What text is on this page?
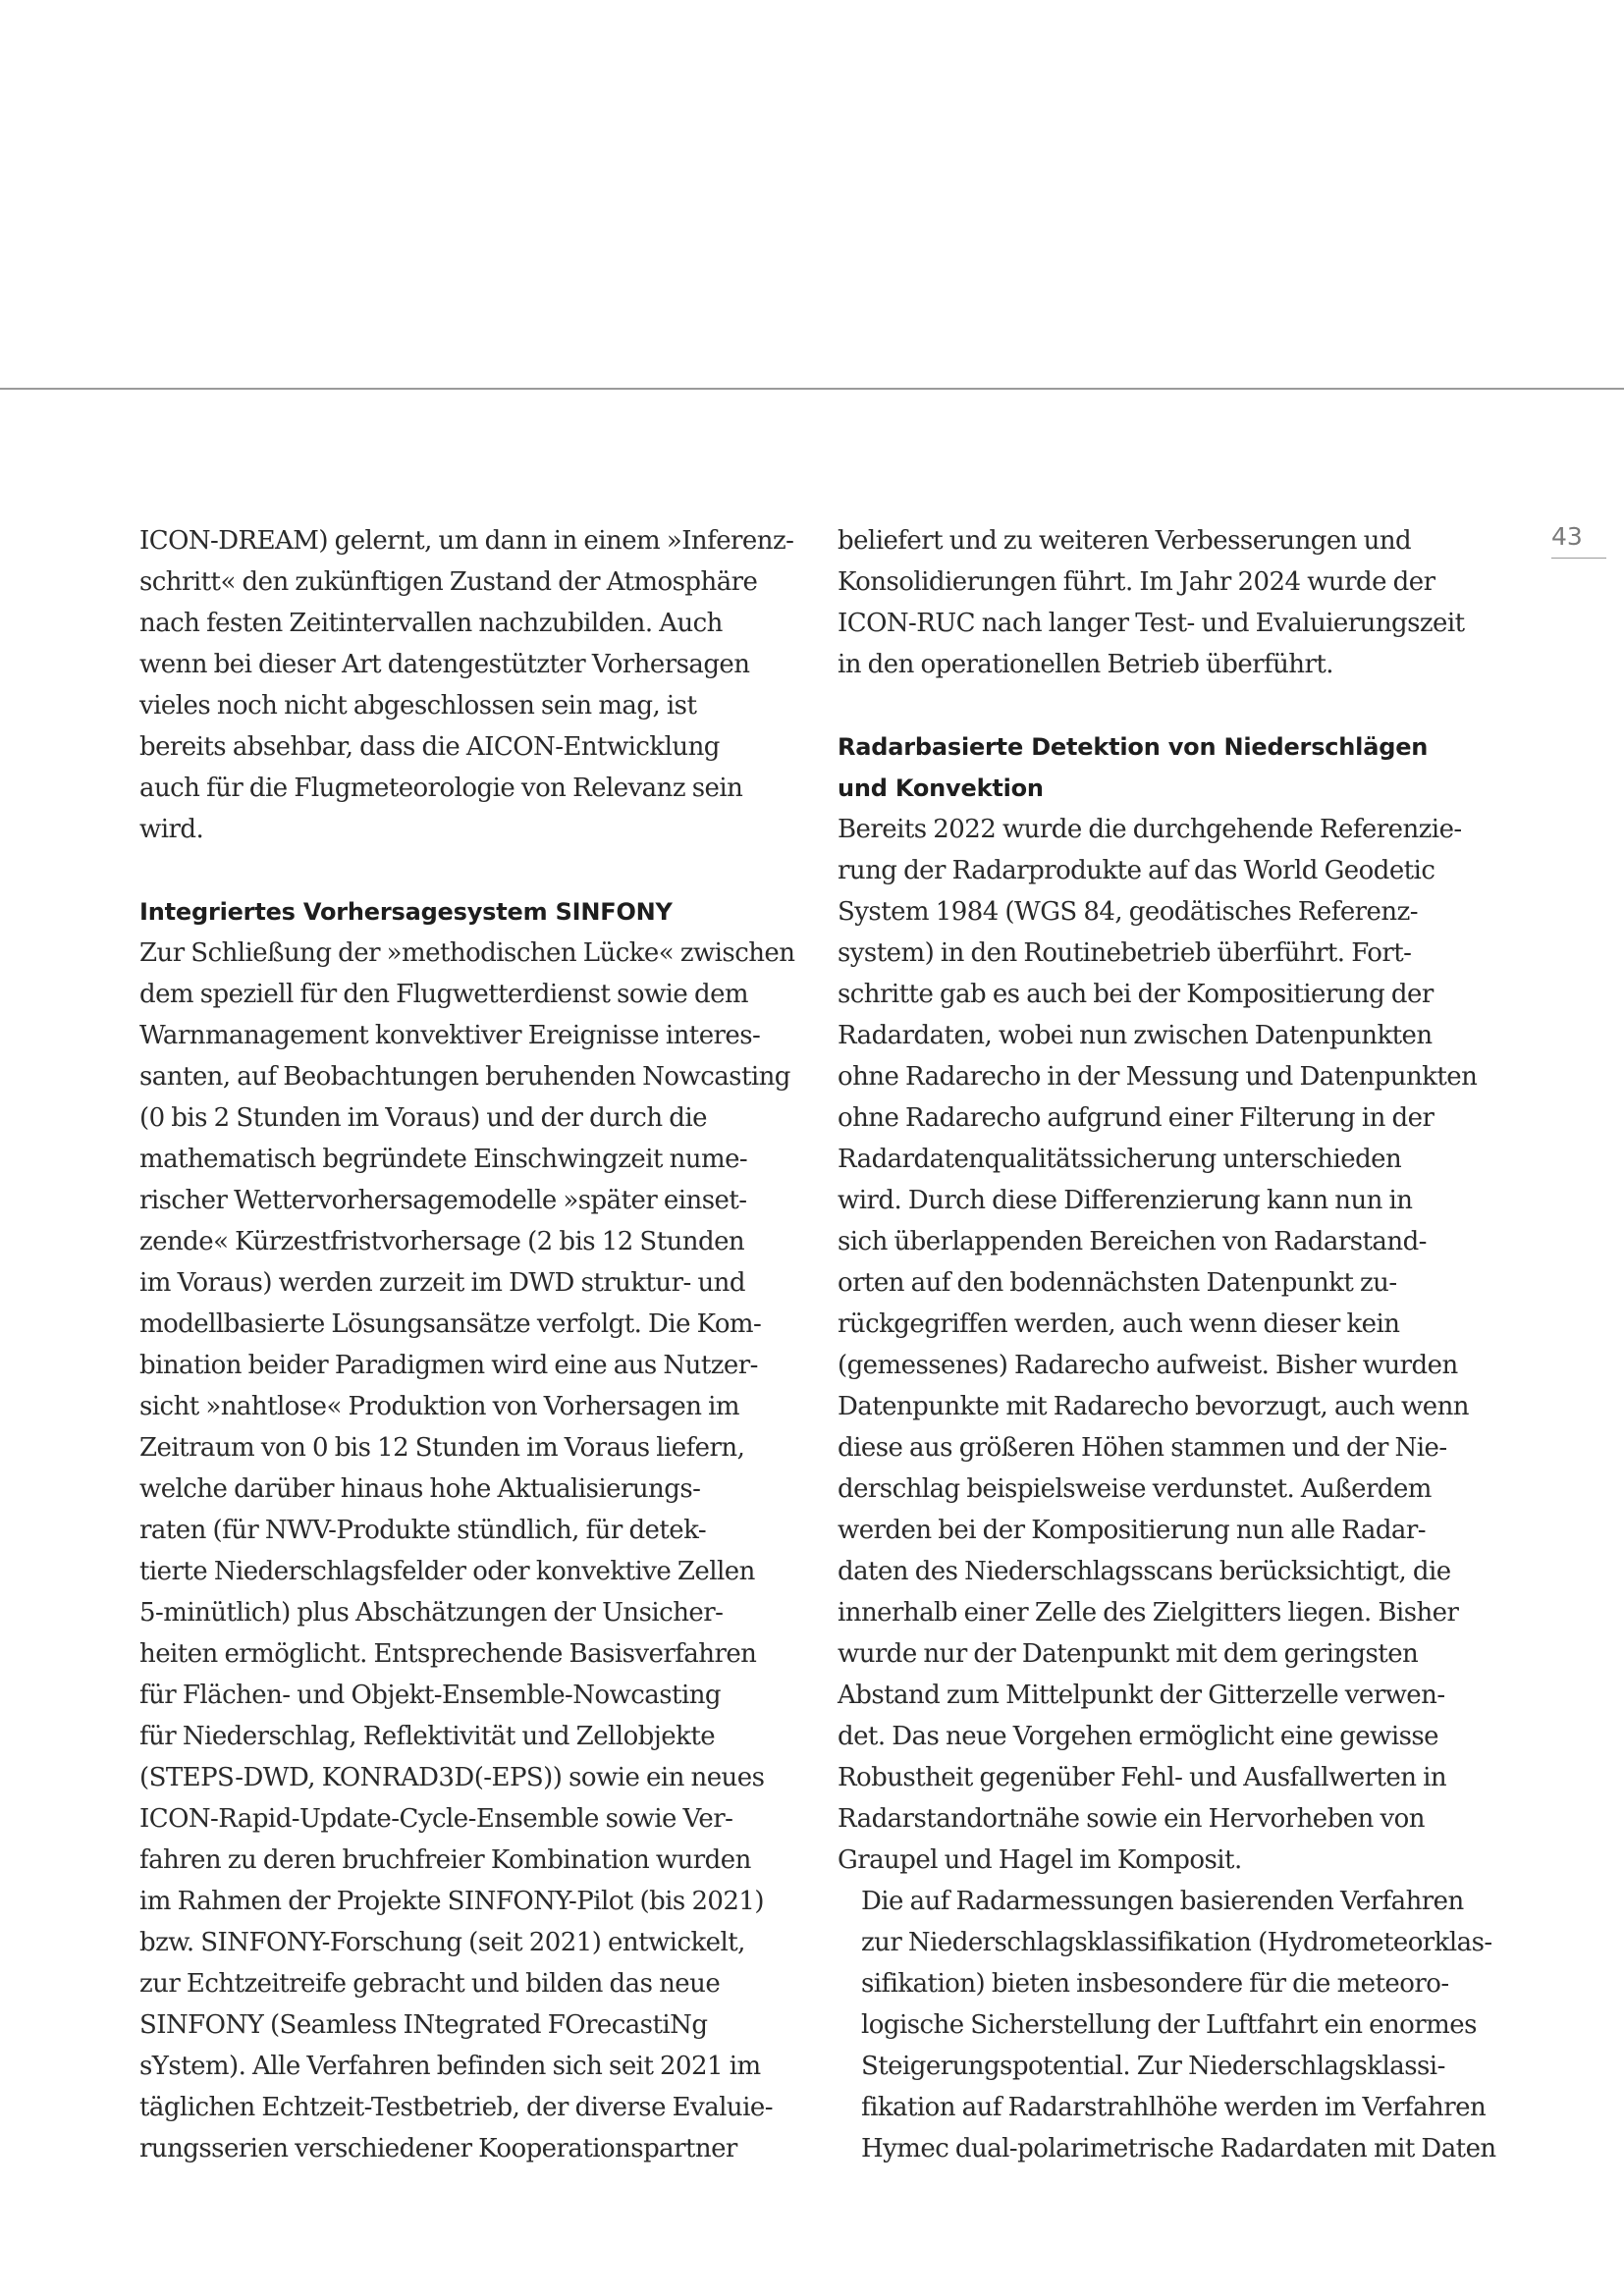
43

ICON-DREAM) gelernt, um dann in einem »Inferenz-
schritt« den zukünftigen Zustand der Atmosphäre
nach festen Zeitintervallen nachzubilden. Auch
wenn bei dieser Art datengestützter Vorhersagen
vieles noch nicht abgeschlossen sein mag, ist
bereits absehbar, dass die AICON-Entwicklung
auch für die Flugmeteorologie von Relevanz sein
wird.

Integriertes Vorhersagesystem SINFONY

Zur Schließung der »methodischen Lücke« zwischen
dem speziell für den Flugwetterdienst sowie dem
Warnmanagement konvektiver Ereignisse interes-
santen, auf Beobachtungen beruhenden Nowcasting
(0 bis 2 Stunden im Voraus) und der durch die
mathematisch begründete Einschwingzeit nume-
rischer Wettervorhersagemodelle »später einset-
zende« Kürzestfristvorhersage (2 bis 12 Stunden
im Voraus) werden zurzeit im DWD struktur- und
modellbasierte Lösungsansätze verfolgt. Die Kom-
bination beider Paradigmen wird eine aus Nutzer-
sicht »nahtlose« Produktion von Vorhersagen im
Zeitraum von 0 bis 12 Stunden im Voraus liefern,
welche darüber hinaus hohe Aktualisierungs-
raten (für NWV-Produkte stündlich, für detek-
tierte Niederschlagsfelder oder konvektive Zellen
5-minütlich) plus Abschätzungen der Unsicher-
heiten ermöglicht. Entsprechende Basisverfahren
für Flächen- und Objekt-Ensemble-Nowcasting
für Niederschlag, Reflektivität und Zellobjekte
(STEPS-DWD, KONRAD3D(-EPS)) sowie ein neues
ICON-Rapid-Update-Cycle-Ensemble sowie Ver-
fahren zu deren bruchfreier Kombination wurden
im Rahmen der Projekte SINFONY-Pilot (bis 2021)
bzw. SINFONY-Forschung (seit 2021) entwickelt,
zur Echtzeitreife gebracht und bilden das neue
SINFONY (Seamless INtegrated FOrecastiNg
sYstem). Alle Verfahren befinden sich seit 2021 im
täglichen Echtzeit-Testbetrieb, der diverse Evaluie-
rungsserien verschiedener Kooperationspartner

beliefert und zu weiteren Verbesserungen und
Konsolidierungen führt. Im Jahr 2024 wurde der
ICON-RUC nach langer Test- und Evaluierungszeit
in den operationellen Betrieb überführt.

Radarbasierte Detektion von Niederschlägen
und Konvektion

Bereits 2022 wurde die durchgehende Referenzie-
rung der Radarprodukte auf das World Geodetic
System 1984 (WGS 84, geodätisches Referenz-
system) in den Routinebetrieb überführt. Fort-
schritte gab es auch bei der Kompositierung der
Radardaten, wobei nun zwischen Datenpunkten
ohne Radarecho in der Messung und Datenpunkten
ohne Radarecho aufgrund einer Filterung in der
Radardatenqualitätssicherung unterschieden
wird. Durch diese Differenzierung kann nun in
sich überlappenden Bereichen von Radarstand-
orten auf den bodennächsten Datenpunkt zu-
rückgegriffen werden, auch wenn dieser kein
(gemessenes) Radarecho aufweist. Bisher wurden
Datenpunkte mit Radarecho bevorzugt, auch wenn
diese aus größeren Höhen stammen und der Nie-
derschlag beispielsweise verdunstet. Außerdem
werden bei der Kompositierung nun alle Radar-
daten des Niederschlagsscans berücksichtigt, die
innerhalb einer Zelle des Zielgitters liegen. Bisher
wurde nur der Datenpunkt mit dem geringsten
Abstand zum Mittelpunkt der Gitterzelle verwen-
det. Das neue Vorgehen ermöglicht eine gewisse
Robustheit gegenüber Fehl- und Ausfallwerten in
Radarstandortnähe sowie ein Hervorheben von
Graupel und Hagel im Komposit.

Die auf Radarmessungen basierenden Verfahren
zur Niederschlagsklassifikation (Hydrometeorklas-
sifikation) bieten insbesondere für die meteoro-
logische Sicherstellung der Luftfahrt ein enormes
Steigerungspotential. Zur Niederschlagsklassi-
fikation auf Radarstrahlhöhe werden im Verfahren
Hymec dual-polarimetrische Radardaten mit Daten
